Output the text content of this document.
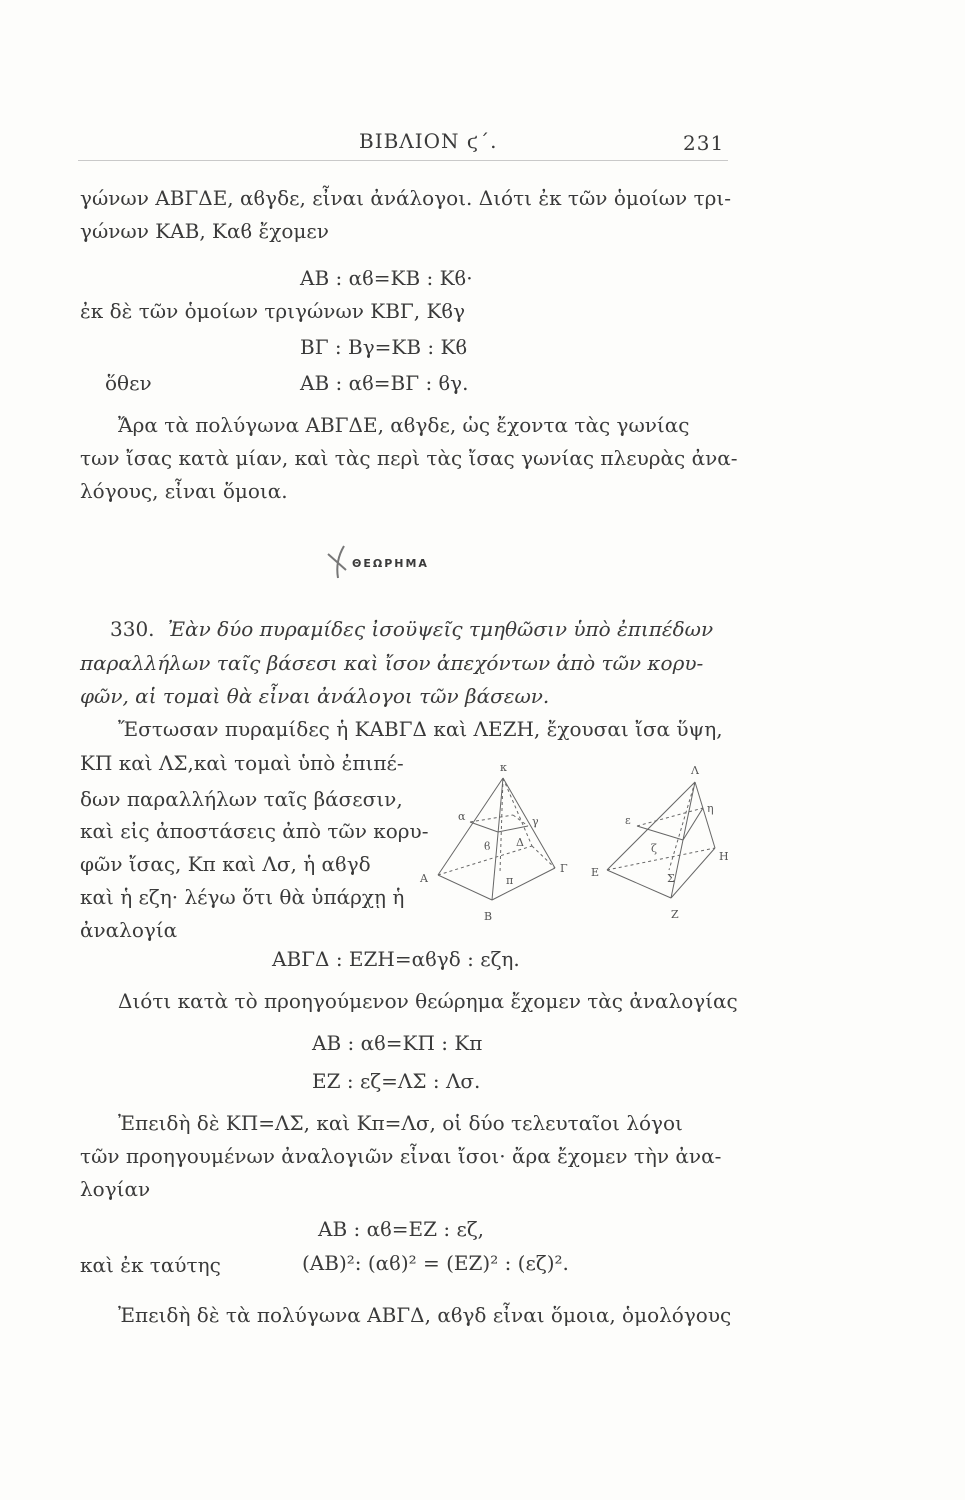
ΒΙΒΛΙΟΝ ϛ΄.	231
γώνων ΑΒΓΔΕ, αϐγδε, εἶναι ἀνάλογοι. Διότι ἐκ τῶν ὁμοίων τρι-
γώνων ΚΑΒ, Καϐ ἔχομεν
ΑΒ : αϐ=ΚΒ : Κϐ·
ἐκ δὲ τῶν ὁμοίων τριγώνων ΚΒΓ, Κϐγ
ΒΓ : Βγ=ΚΒ : Κϐ
ὅθεν	ΑΒ : αϐ=ΒΓ : ϐγ.
Ἄρα τὰ πολύγωνα ΑΒΓΔΕ, αϐγδε, ὡς ἔχοντα τὰς γωνίας
των ἴσας κατὰ μίαν, καὶ τὰς περὶ τὰς ἴσας γωνίας πλευρὰς ἀνα-
λόγους, εἶναι ὅμοια.
ΘΕΩΡΗΜΑ
330. Ἐὰν δύο πυραμίδες ἰσοϋψεῖς τμηθῶσιν ὑπὸ ἐπιπέδων
παραλλήλων ταῖς βάσεσι καὶ ἴσον ἀπεχόντων ἀπὸ τῶν κορυ-
φῶν, αἱ τομαὶ θὰ εἶναι ἀνάλογοι τῶν βάσεων.
Ἔστωσαν πυραμίδες ἡ ΚΑΒΓΔ καὶ ΛΕΖΗ, ἔχουσαι ἴσα ὕψη,
ΚΠ καὶ ΛΣ,καὶ τομαὶ ὑπὸ ἐπιπέ-
δων παραλλήλων ταῖς βάσεσιν,
καὶ εἰς ἀποστάσεις ἀπὸ τῶν κορυ-
φῶν ἴσας, Κπ καὶ Λσ, ἡ αϐγδ
καὶ ἡ εζη· λέγω ὅτι θὰ ὑπάρχῃ ἡ
ἀναλογία
κ
α	γ
ϐ Δ
Γ
Α	π
Β
Λ
ε
η
ζ
Η
Ε	Σ
Ζ
ΑΒΓΔ : ΕΖΗ=αϐγδ : εζη.
Διότι κατὰ τὸ προηγούμενον θεώρημα ἔχομεν τὰς ἀναλογίας
ΑΒ : αϐ=ΚΠ : Κπ
ΕΖ : εζ=ΛΣ : Λσ.
Ἐπειδὴ δὲ ΚΠ=ΛΣ, καὶ Κπ=Λσ, οἱ δύο τελευταῖοι λόγοι
τῶν προηγουμένων ἀναλογιῶν εἶναι ἴσοι· ἄρα ἔχομεν τὴν ἀνα-
λογίαν
ΑΒ : αϐ=ΕΖ : εζ,
καὶ ἐκ ταύτης	(ΑΒ)²: (αϐ)² = (ΕΖ)² : (εζ)².
Ἐπειδὴ δὲ τὰ πολύγωνα ΑΒΓΔ, αϐγδ εἶναι ὅμοια, ὁμολόγους
